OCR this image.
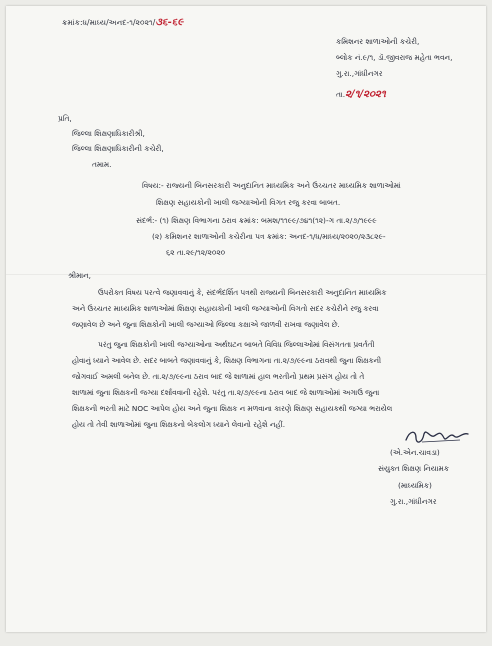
ક્રમાંક:ધ/માધ્ય/અનદ-૧/૨૦૨૧/૩૬-૬૯
કમિશનર શાળાઓની કચેરી,
બ્લોક નં.૯/૧, ડૉ.જીવરાજ મહેતા ભવન,
ગુ.રા.,ગાંધીનગર
તા.૨/૧/૨૦૨૧
પ્રતિ,
જિલ્લા શિક્ષણાધિકારીશ્રી,
જિલ્લા શિક્ષણાધિકારીની કચેરી,
તમામ.
વિષય:- રાજ્યની બિનસરકારી અનુદાનિત માધ્યમિક અને ઉચ્ચતર માધ્યમિક શાળાઓમાં
શિક્ષણ સહાયકોની ખાલી જગ્યાઓની વિગત રજુ કરવા બાબત.
સંદર્ભ:- (૧) શિક્ષણ વિભાગના ઠરાવ ક્રમાંક: બમશ/૧૧૯૯/૭૪૧(૧૨)-ગ તા.૨/૭/૧૯૯૯
(૨) કમિશનર શાળાઓની કચેરીના પત્ર ક્રમાંક: અનદ-૧/ધ/માધ્ય/૨૦૨૦/૨૩૮૨૯-
૬૨ તા.૨૯/૧૨/૨૦૨૦
શ્રીમાન,
ઉપરોક્ત વિષય પરત્વે જણાવવાનું કે, સંદર્ભદર્શિત પત્રથી રાજ્યની બિનસરકારી અનુદાનિત માધ્યમિક
અને ઉચ્ચતર માધ્યમિક શાળાઓમાં શિક્ષણ સહાયકોની ખાલી જગ્યાઓની વિગતો સદર કચેરીને રજુ કરવા
જણાવેલ છે અને જુના શિક્ષકોની ખાલી જગ્યાઓ જિલ્લા કક્ષાએ જાળવી રાખવા જણાવેલ છે.
પરંતુ જુના શિક્ષકોની ખાલી જગ્યાઓના અર્થઘટન બાબતે વિવિધ જિલ્લાઓમાં વિસંગતતા પ્રવર્તતી
હોવાનું ધ્યાને આવેલ છે. સદર બાબતે જણાવવાનું કે, શિક્ષણ વિભાગના તા.૨/૭/૯૯ના ઠરાવથી જુના શિક્ષકની
જોગવાઈ અમલી બનેલ છે. તા.૨/૭/૯૯ના ઠરાવ બાદ જે શાળામાં હાલ ભરતીનો પ્રથમ પ્રસંગ હોય તો તે
શાળામાં જુના શિક્ષકની જગ્યા દર્શાવવાની રહેશે. પરંતુ તા.૨/૭/૯૯ના ઠરાવ બાદ જે શાળાઓમાં અગાઉ જુના
શિક્ષકની ભરતી માટે NOC આપેલ હોય અને જુના શિક્ષક ન મળવાના કારણે શિક્ષણ સહાયકથી જગ્યા ભરાયેલ
હોય તો તેવી શાળાઓમાં જુના શિક્ષકનો બેકલોગ ધ્યાને લેવાનો રહેશે નહીં.
(એ.એન.ચાવડા)
સંયુક્ત શિક્ષણ નિયામક
(માધ્યમિક)
ગુ.રા.,ગાંધીનગર
